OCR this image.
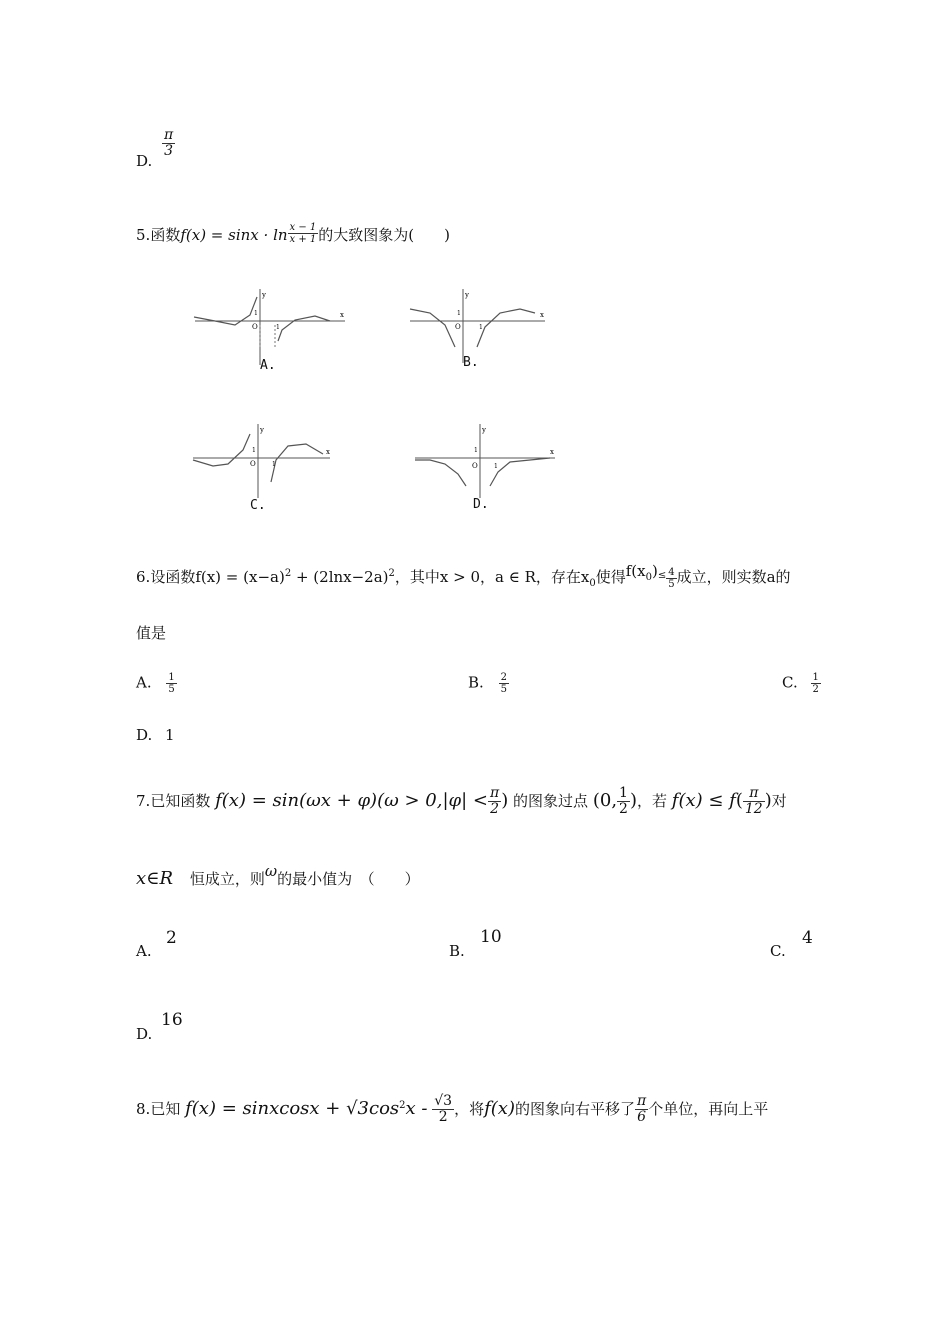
D.
$\frac{\pi}{3}$
5.函数$f(x) = \sin x \cdot \ln \frac{x - 1}{x + 1}$ 的大致图象为(　　)
y
x
O	1
1
A.
y
x
O	1
1
B.
y
x
O	1
1
C.
y
x
O	1
1
D.
6.设函数$f(x) = (x-a)^2 + (2\ln x-2a)^2$，其中x > 0，a ∈ R，存在$x_0$使得$f(x_0)^\le \frac{4}{5}$ 成立，则实数a的
值是
A. $\frac{1}{5}$	B. $\frac{2}{5}$	C. $\frac{1}{2}$
D. 1
7.已知函数 $f(x) = \sin(\omega x + \varphi)(\omega > 0,|\varphi| < \frac{\pi}{2}$ ) 的图象过点 (0, $\frac{1}{2}$ )，若 $f(x) \le f( \frac{\pi}{12}$ )对
x∈R 恒成立，则ω的最小值为　（　　）
A.
2
B.
10
C.
4
D.
16
8.已知 f(x) = sinxcosx + $√3\cos^2x - \frac{√3}{2}$ ，将f(x)的图象向右平移了 $\frac{\pi}{6}$ 个单位，再向上平
